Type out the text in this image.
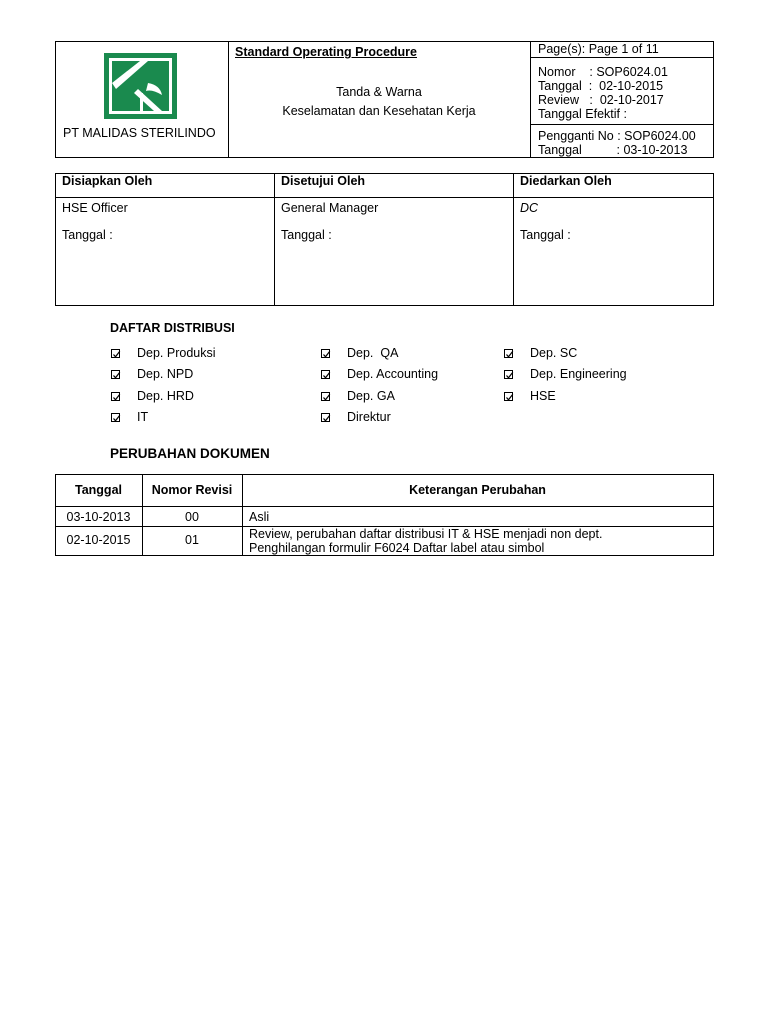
PT MALIDAS STERILINDO
Standard Operating Procedure
Tanda & Warna
Keselamatan dan Kesehatan Kerja
Page(s): Page 1 of 11
Nomor    : SOP6024.01
Tanggal  :  02-10-2015
Review   :  02-10-2017
Tanggal Efektif :
Pengganti No : SOP6024.00
Tanggal          : 03-10-2013
Disiapkan Oleh	Disetujui Oleh	Diedarkan Oleh
HSE Officer	General Manager	DC
Tanggal :	Tanggal :	Tanggal :
DAFTAR DISTRIBUSI
Dep. Produksi
Dep. NPD
Dep. HRD
IT
Dep.  QA
Dep. Accounting
Dep. GA
Direktur
Dep. SC
Dep. Engineering
HSE
PERUBAHAN DOKUMEN
Tanggal	Nomor Revisi	Keterangan Perubahan
03-10-2013	00	Asli
02-10-2015	01	Review, perubahan daftar distribusi IT & HSE menjadi non dept.
Penghilangan formulir F6024 Daftar label atau simbol
